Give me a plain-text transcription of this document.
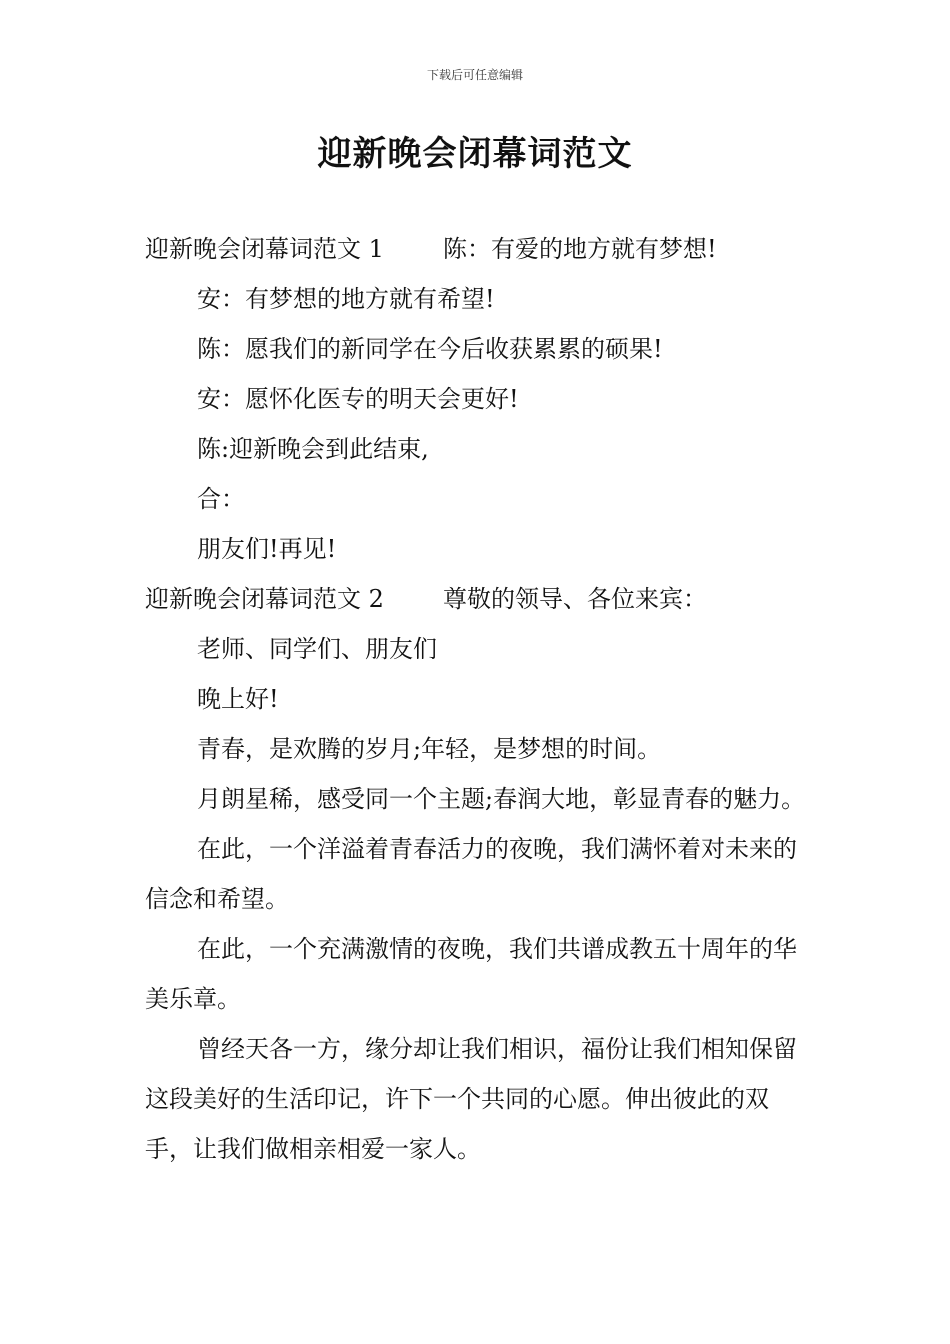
下载后可任意编辑
迎新晚会闭幕词范文

迎新晚会闭幕词范文 1 陈：有爱的地方就有梦想!

安：有梦想的地方就有希望!

陈：愿我们的新同学在今后收获累累的硕果!

安：愿怀化医专的明天会更好!

陈:迎新晚会到此结束,

合：

朋友们!再见!

迎新晚会闭幕词范文 2 尊敬的领导、各位来宾：

老师、同学们、朋友们

晚上好!

青春，是欢腾的岁月;年轻，是梦想的时间。

月朗星稀，感受同一个主题;春润大地，彰显青春的魅力。

在此，一个洋溢着青春活力的夜晚，我们满怀着对未来的信念和希望。

在此，一个充满激情的夜晚，我们共谱成教五十周年的华美乐章。

曾经天各一方，缘分却让我们相识，福份让我们相知保留这段美好的生活印记，许下一个共同的心愿。伸出彼此的双手，让我们做相亲相爱一家人。
